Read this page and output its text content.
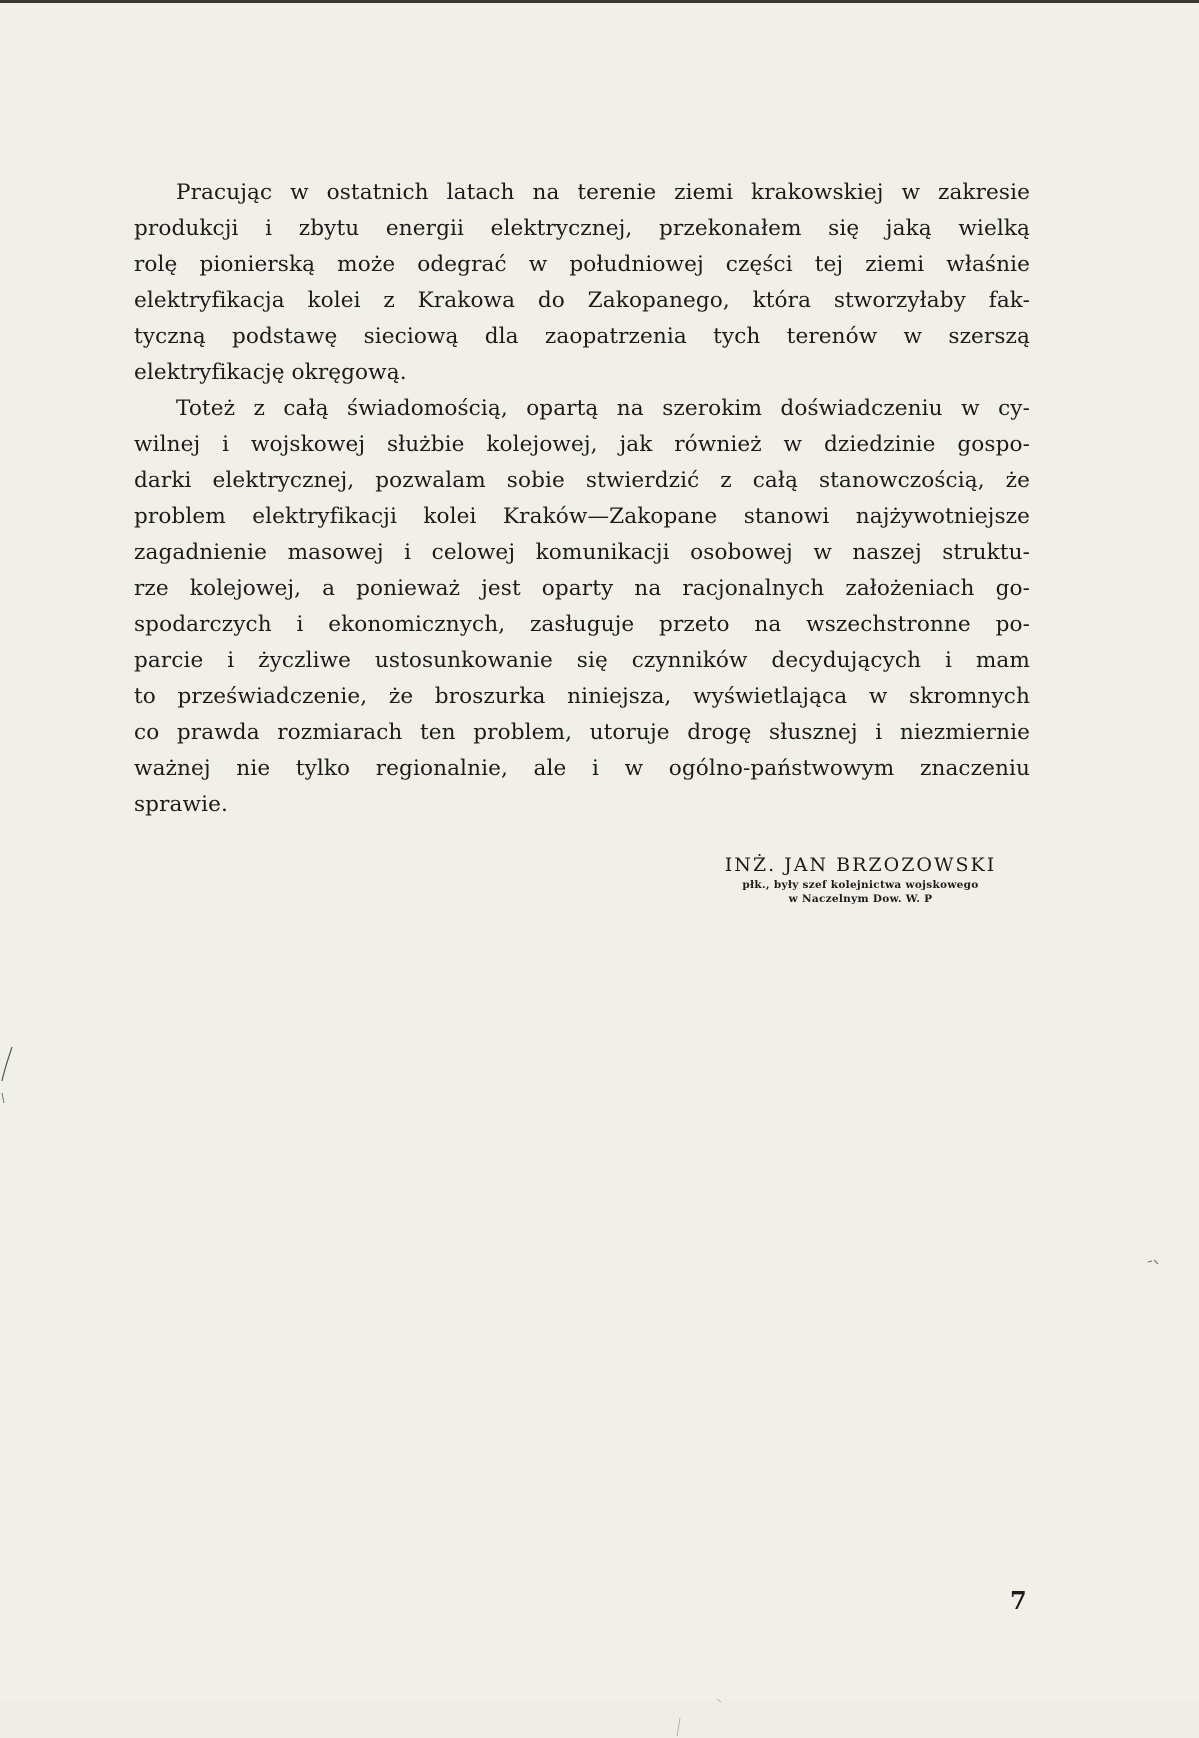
Pracując w ostatnich latach na terenie ziemi krakowskiej w zakresie
produkcji i zbytu energii elektrycznej, przekonałem się jaką wielką
rolę pionierską może odegrać w południowej części tej ziemi właśnie
elektryfikacja kolei z Krakowa do Zakopanego, która stworzyłaby fak-
tyczną podstawę sieciową dla zaopatrzenia tych terenów w szerszą
elektryfikację okręgową.

Toteż z całą świadomością, opartą na szerokim doświadczeniu w cy-
wilnej i wojskowej służbie kolejowej, jak również w dziedzinie gospo-
darki elektrycznej, pozwalam sobie stwierdzić z całą stanowczością, że
problem elektryfikacji kolei Kraków—Zakopane stanowi najżywotniejsze
zagadnienie masowej i celowej komunikacji osobowej w naszej struktu-
rze kolejowej, a ponieważ jest oparty na racjonalnych założeniach go-
spodarczych i ekonomicznych, zasługuje przeto na wszechstronne po-
parcie i życzliwe ustosunkowanie się czynników decydujących i mam
to przeświadczenie, że broszurka niniejsza, wyświetlająca w skromnych
co prawda rozmiarach ten problem, utoruje drogę słusznej i niezmiernie
ważnej nie tylko regionalnie, ale i w ogólno-państwowym znaczeniu
sprawie.

INŻ. JAN BRZOZOWSKI
płk., były szef kolejnictwa wojskowego
w Naczelnym Dow. W. P
7
